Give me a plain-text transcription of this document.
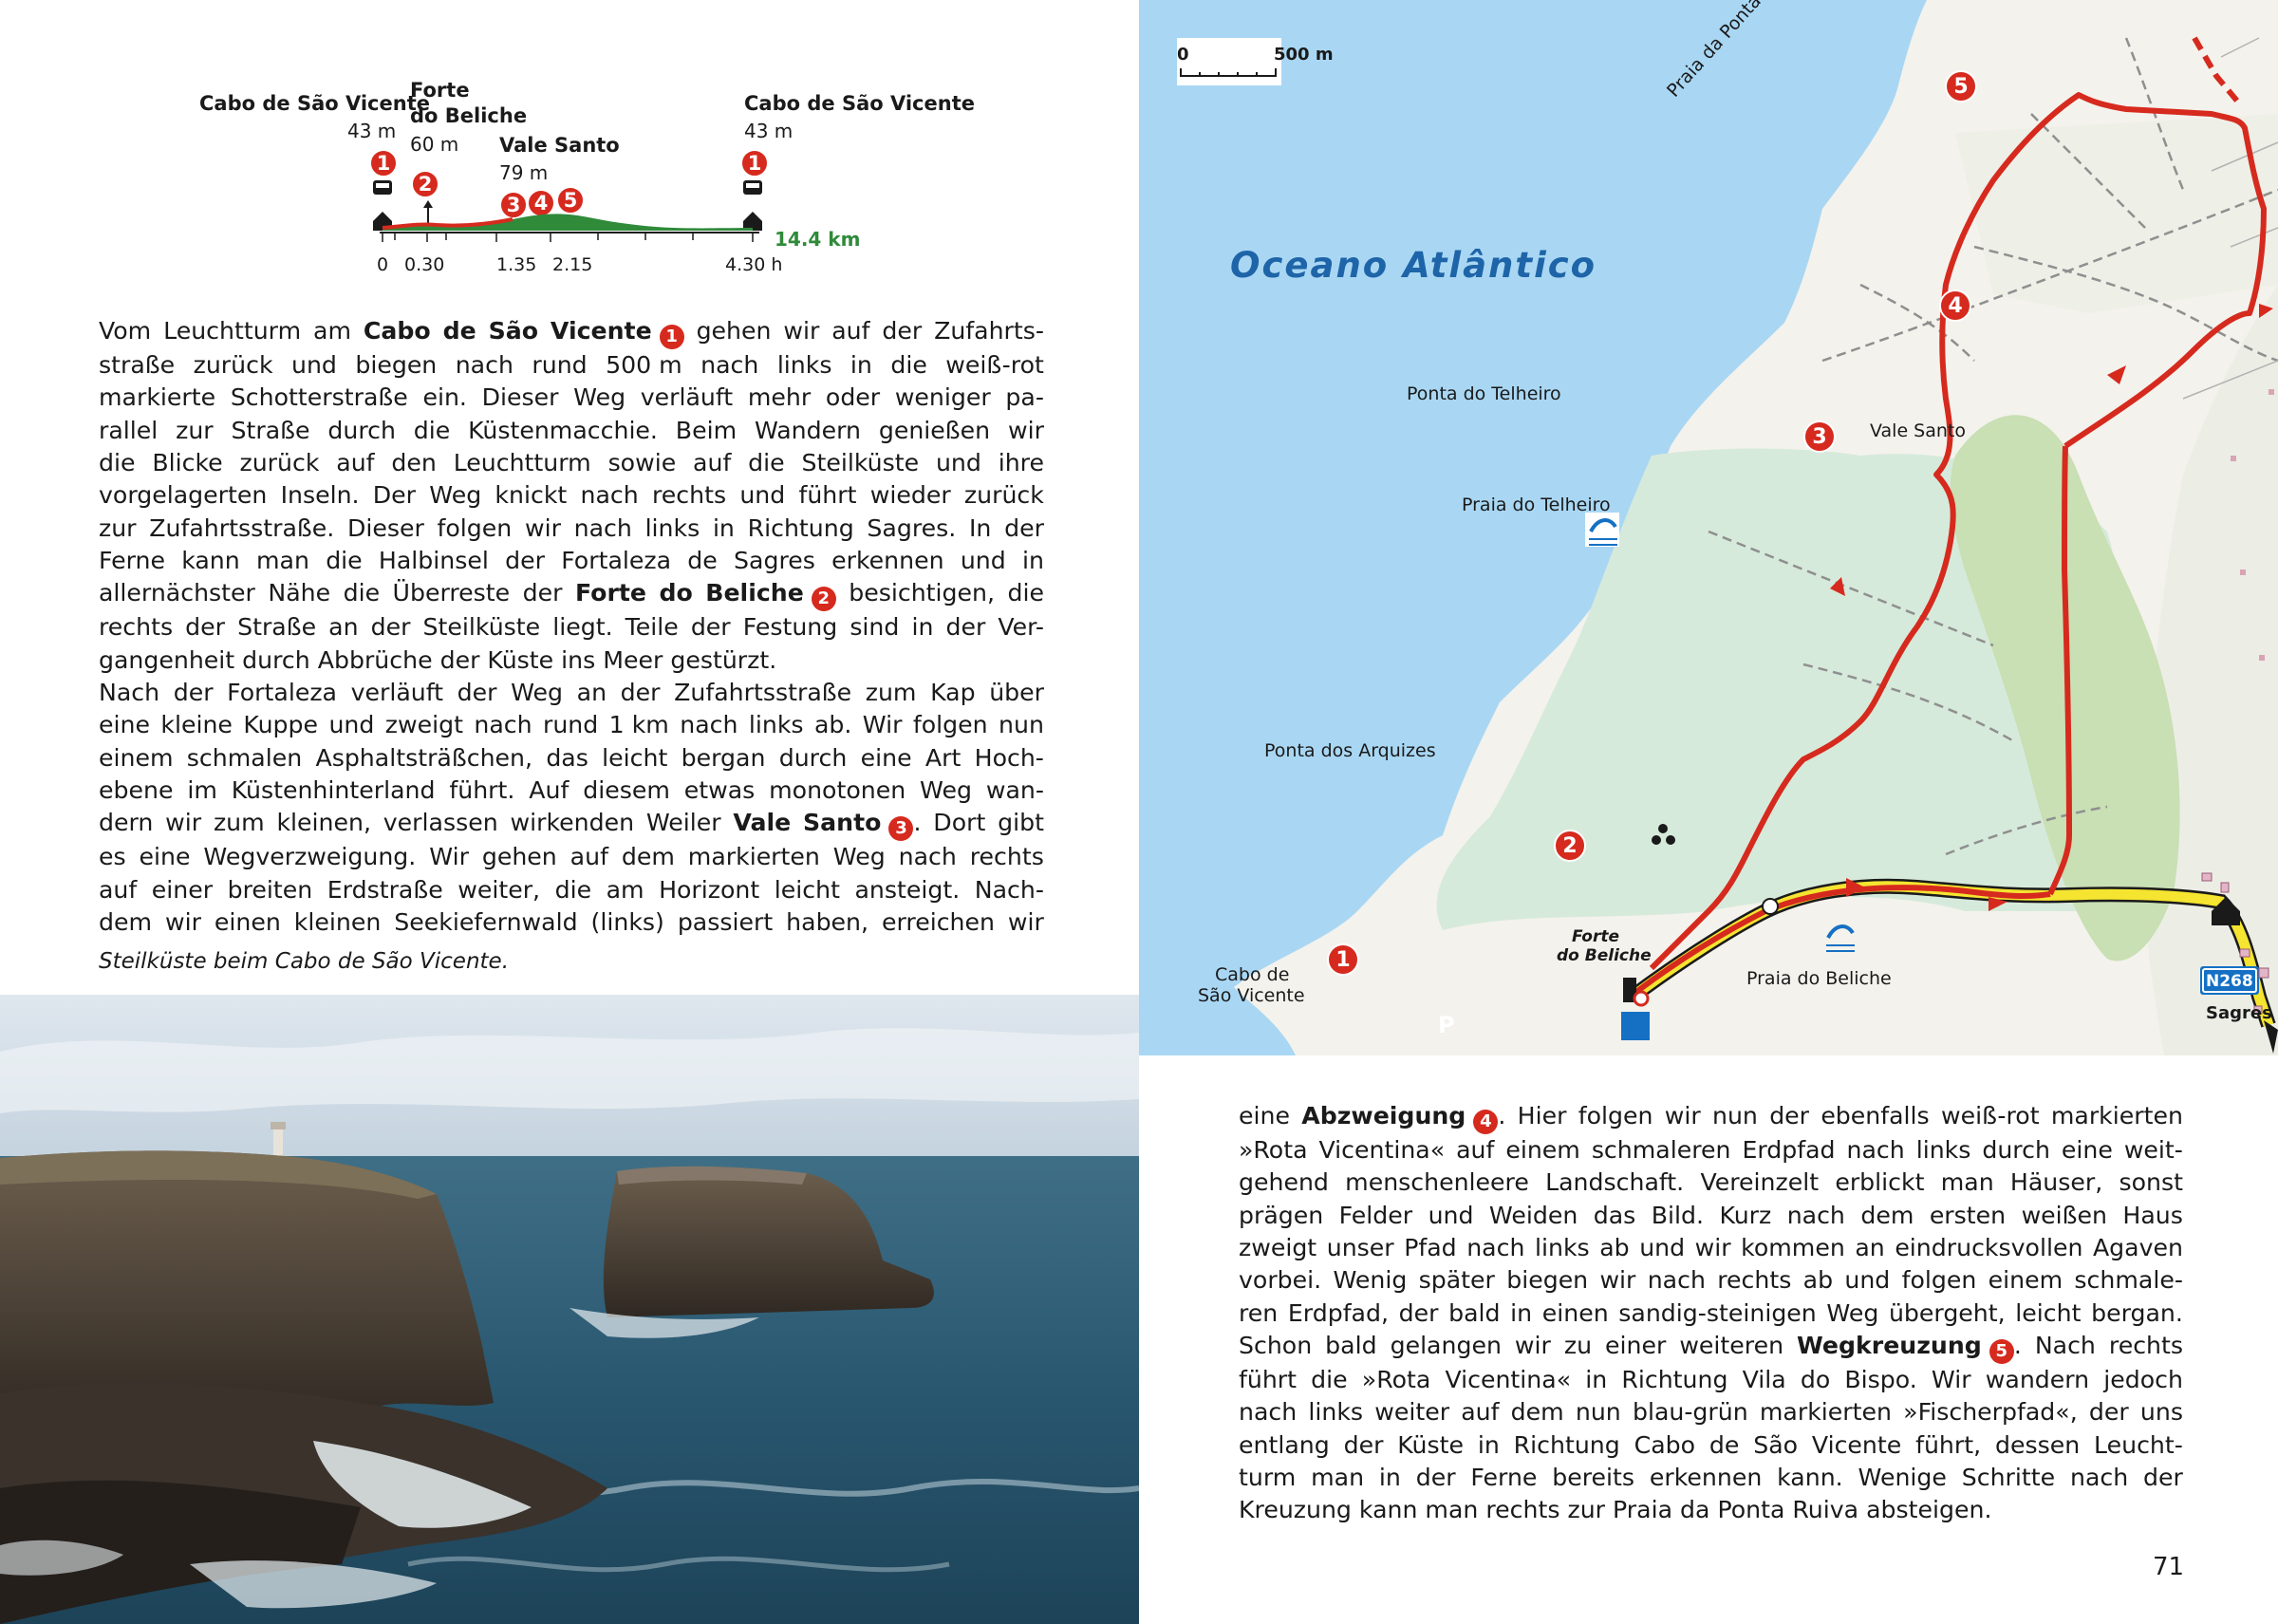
Cabo de São Vicente
43 m
Forte
do Beliche
60 m Vale Santo
79 m
Cabo de São Vicente
43 m
1
2
3 4 5
1
14.4 km
0 0.30	1.35 2.15	4.30 h
Vom Leuchtturm am Cabo de São Vicente 1 gehen wir auf der Zufahrts-
straße zurück und biegen nach rund 500 m nach links in die weiß-rot
markierte Schotterstraße ein. Dieser Weg verläuft mehr oder weniger pa-
rallel zur Straße durch die Küstenmacchie. Beim Wandern genießen wir
die Blicke zurück auf den Leuchtturm sowie auf die Steilküste und ihre
vorgelagerten Inseln. Der Weg knickt nach rechts und führt wieder zurück
zur Zufahrtsstraße. Dieser folgen wir nach links in Richtung Sagres. In der
Ferne kann man die Halbinsel der Fortaleza de Sagres erkennen und in
allernächster Nähe die Überreste der Forte do Beliche 2 besichtigen, die
rechts der Straße an der Steilküste liegt. Teile der Festung sind in der Ver-
gangenheit durch Abbrüche der Küste ins Meer gestürzt.
Nach der Fortaleza verläuft der Weg an der Zufahrtsstraße zum Kap über
eine kleine Kuppe und zweigt nach rund 1 km nach links ab. Wir folgen nun
einem schmalen Asphaltsträßchen, das leicht bergan durch eine Art Hoch-
ebene im Küstenhinterland führt. Auf diesem etwas monotonen Weg wan-
dern wir zum kleinen, verlassen wirkenden Weiler Vale Santo 3 . Dort gibt
es eine Wegverzweigung. Wir gehen auf dem markierten Weg nach rechts
auf einer breiten Erdstraße weiter, die am Horizont leicht ansteigt. Nach-
dem wir einen kleinen Seekiefernwald (links) passiert haben, erreichen wir
Steilküste beim Cabo de São Vicente.
0	500 m
Oceano Atlântico
Ponta do Telheiro
Praia do Telheiro
Vale Santo
Ponta dos Arquizes
Cabo de
São Vicente
Forte
do Beliche
Praia do Beliche	N268
Sagres
P
1
2
3
4
5
eine Abzweigung 4 . Hier folgen wir nun der ebenfalls weiß-rot markierten
»Rota Vicentina« auf einem schmaleren Erdpfad nach links durch eine weit-
gehend menschenleere Landschaft. Vereinzelt erblickt man Häuser, sonst
prägen Felder und Weiden das Bild. Kurz nach dem ersten weißen Haus
zweigt unser Pfad nach links ab und wir kommen an eindrucksvollen Agaven
vorbei. Wenig später biegen wir nach rechts ab und folgen einem schmale-
ren Erdpfad, der bald in einen sandig-steinigen Weg übergeht, leicht bergan.
Schon bald gelangen wir zu einer weiteren Wegkreuzung 5 . Nach rechts
führt die »Rota Vicentina« in Richtung Vila do Bispo. Wir wandern jedoch
nach links weiter auf dem nun blau-grün markierten »Fischerpfad«, der uns
entlang der Küste in Richtung Cabo de São Vicente führt, dessen Leucht-
turm man in der Ferne bereits erkennen kann. Wenige Schritte nach der
Kreuzung kann man rechts zur Praia da Ponta Ruiva absteigen.
71
